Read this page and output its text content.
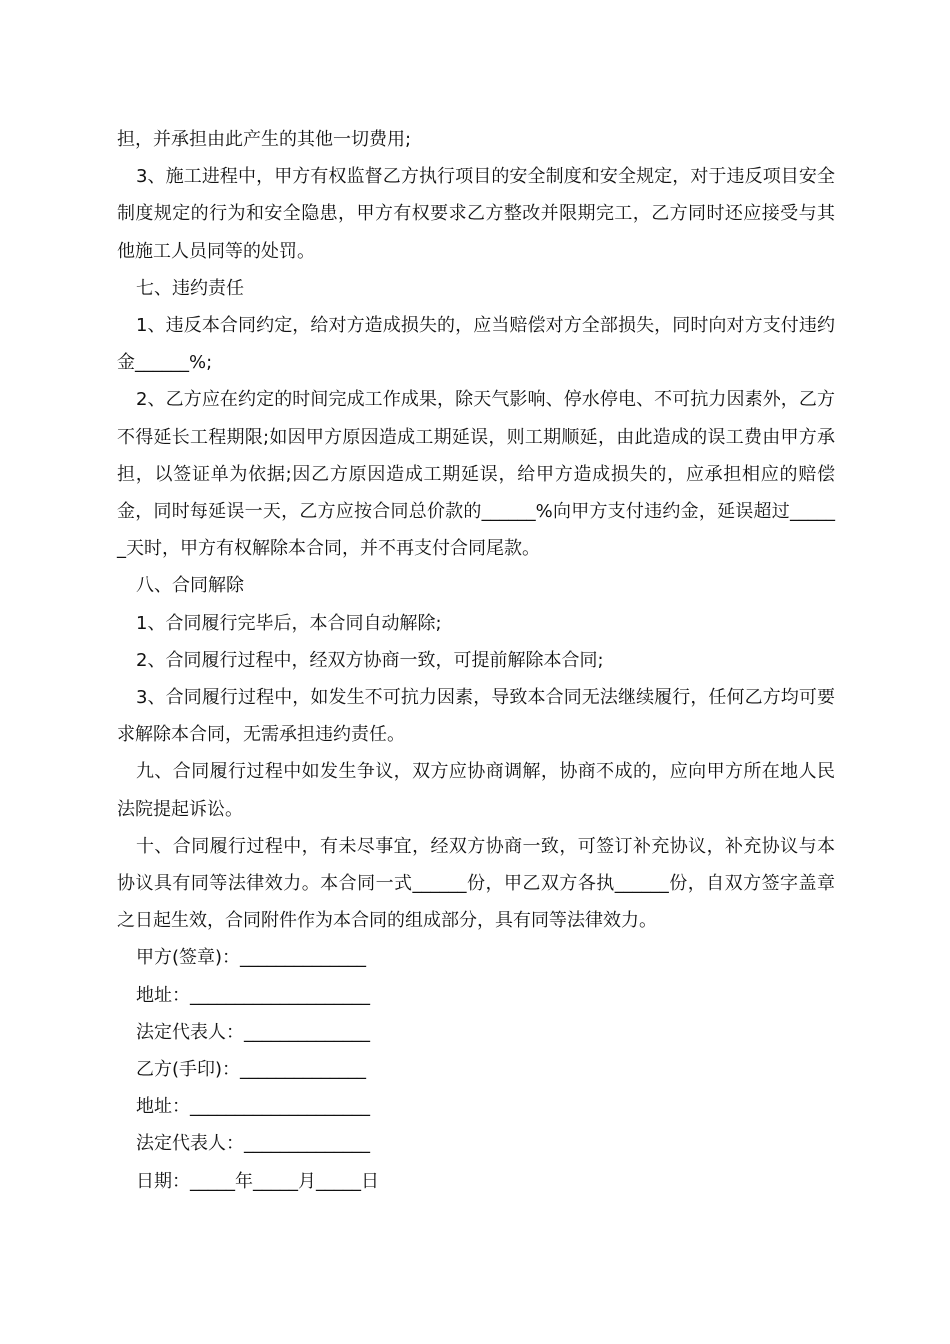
担，并承担由此产生的其他一切费用;

3、施工进程中，甲方有权监督乙方执行项目的安全制度和安全规定，对于违反项目安全制度规定的行为和安全隐患，甲方有权要求乙方整改并限期完工，乙方同时还应接受与其他施工人员同等的处罚。

七、违约责任

1、违反本合同约定，给对方造成损失的，应当赔偿对方全部损失，同时向对方支付违约金______%;

2、乙方应在约定的时间完成工作成果，除天气影响、停水停电、不可抗力因素外，乙方不得延长工程期限;如因甲方原因造成工期延误，则工期顺延，由此造成的误工费由甲方承担，以签证单为依据;因乙方原因造成工期延误，给甲方造成损失的，应承担相应的赔偿金，同时每延误一天，乙方应按合同总价款的______%向甲方支付违约金，延误超过______天时，甲方有权解除本合同，并不再支付合同尾款。

八、合同解除

1、合同履行完毕后，本合同自动解除;

2、合同履行过程中，经双方协商一致，可提前解除本合同;

3、合同履行过程中，如发生不可抗力因素，导致本合同无法继续履行，任何乙方均可要求解除本合同，无需承担违约责任。

九、合同履行过程中如发生争议，双方应协商调解，协商不成的，应向甲方所在地人民法院提起诉讼。

十、合同履行过程中，有未尽事宜，经双方协商一致，可签订补充协议，补充协议与本协议具有同等法律效力。本合同一式______份，甲乙双方各执______份，自双方签字盖章之日起生效，合同附件作为本合同的组成部分，具有同等法律效力。

甲方(签章)：______________

地址：____________________

法定代表人：______________

乙方(手印)：______________

地址：____________________

法定代表人：______________

日期：_____年_____月_____日
